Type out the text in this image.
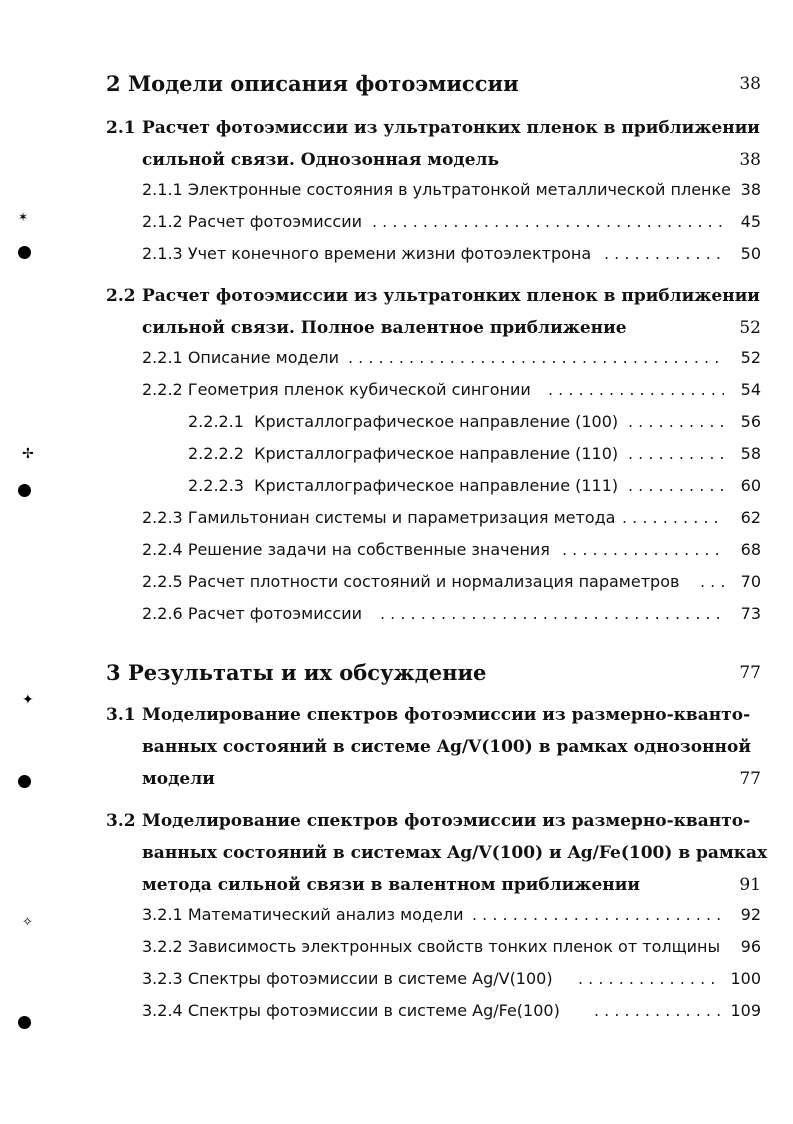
2 Модели описания фотоэмиссии	38
2.1 Расчет фотоэмиссии из ультратонких пленок в приближении
сильной связи. Однозонная модель	38
2.1.1 Электронные состояния в ультратонкой металлической пленке 38
2.1.2 Расчет фотоэмиссии . . .	45
2.1.3 Учет конечного времени жизни фотоэлектрона . . .	50
2.2 Расчет фотоэмиссии из ультратонких пленок в приближении
сильной связи. Полное валентное приближение	52
2.2.1 Описание модели . . .	52
2.2.2 Геометрия пленок кубической сингонии . . .	54
2.2.2.1 Кристаллографическое направление (100) . . .	56
2.2.2.2 Кристаллографическое направление (110) . . .	58
2.2.2.3 Кристаллографическое направление (111) . . .	60
2.2.3 Гамильтониан системы и параметризация метода . . .	62
2.2.4 Решение задачи на собственные значения . . .	68
2.2.5 Расчет плотности состояний и нормализация параметров . . .	70
2.2.6 Расчет фотоэмиссии . . .	73
3 Результаты и их обсуждение	77
3.1 Моделирование спектров фотоэмиссии из размерно-кванто-
ванных состояний в системе Ag/V(100) в рамках однозонной
модели	77
3.2 Моделирование спектров фотоэмиссии из размерно-кванто-
ванных состояний в системах Ag/V(100) и Ag/Fe(100) в рамках
метода сильной связи в валентном приближении	91
3.2.1 Математический анализ модели . . .	92
3.2.2 Зависимость электронных свойств тонких пленок от толщины 96
3.2.3 Спектры фотоэмиссии в системе Ag/V(100) . . .	100
3.2.4 Спектры фотоэмиссии в системе Ag/Fe(100) . . .	109
✶
✢
✦
✧
